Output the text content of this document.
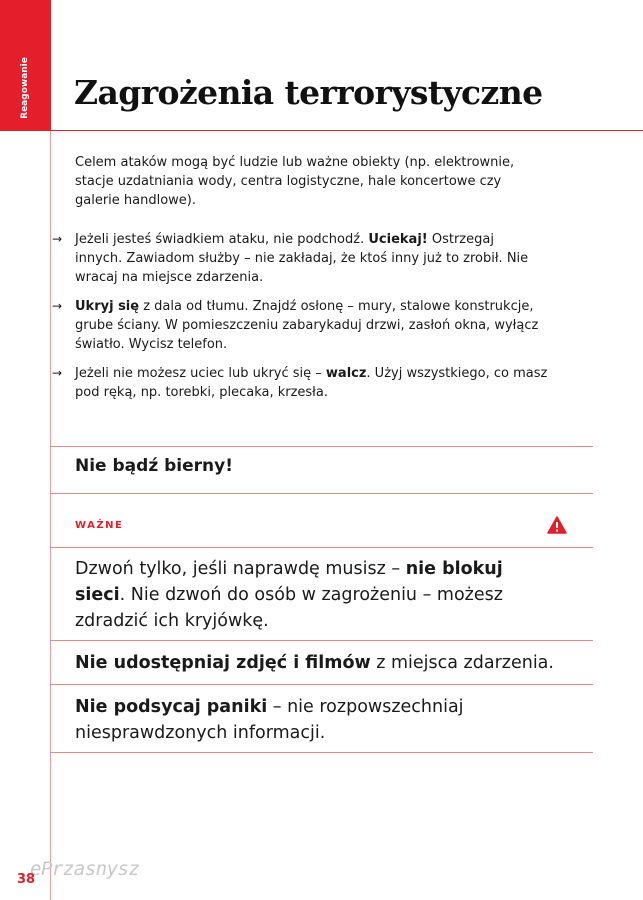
Reagowanie Zagrożenia terrorystyczne

Celem ataków mogą być ludzie lub ważne obiekty (np. elektrownie, stacje uzdatniania wody, centra logistyczne, hale koncertowe czy galerie handlowe).

→ Jeżeli jesteś świadkiem ataku, nie podchodź. Uciekaj! Ostrzegaj innych. Zawiadom służby – nie zakładaj, że ktoś inny już to zrobił. Nie wracaj na miejsce zdarzenia.
→ Ukryj się z dala od tłumu. Znajdź osłonę – mury, stalowe konstrukcje, grube ściany. W pomieszczeniu zabarykaduj drzwi, zasłoń okna, wyłącz światło. Wycisz telefon.
→ Jeżeli nie możesz uciec lub ukryć się – walcz. Użyj wszystkiego, co masz pod ręką, np. torebki, plecaka, krzesła.
Nie bądź bierny!
WAŻNE

Dzwoń tylko, jeśli naprawdę musisz – nie blokuj sieci. Nie dzwoń do osób w zagrożeniu – możesz zdradzić ich kryjówkę.

Nie udostępniaj zdjęć i filmów z miejsca zdarzenia.

Nie podsycaj paniki – nie rozpowszechniaj niesprawdzonych informacji.

ePrzasnysz
38
